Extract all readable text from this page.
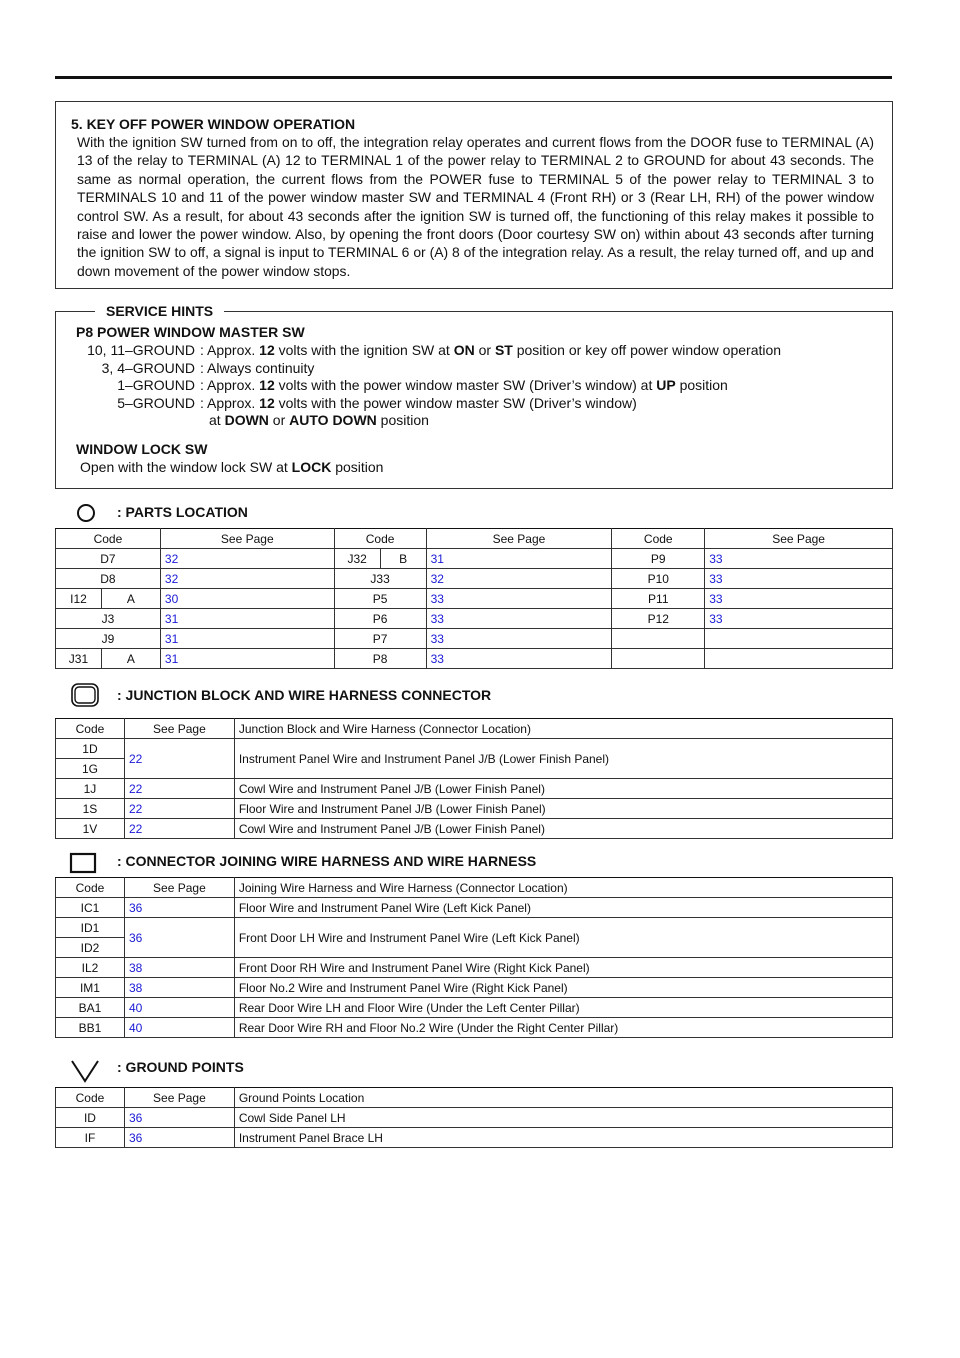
5. KEY OFF POWER WINDOW OPERATION
With the ignition SW turned from on to off, the integration relay operates and current flows from the DOOR fuse to TERMINAL (A) 13 of the relay to TERMINAL (A) 12 to TERMINAL 1 of the power relay to TERMINAL 2 to GROUND for about 43 seconds. The same as normal operation, the current flows from the POWER fuse to TERMINAL 5 of the power relay to TERMINAL 3 to TERMINALS 10 and 11 of the power window master SW and TERMINAL 4 (Front RH) or 3 (Rear LH, RH) of the power window control SW. As a result, for about 43 seconds after the ignition SW is turned off, the functioning of this relay makes it possible to raise and lower the power window. Also, by opening the front doors (Door courtesy SW on) within about 43 seconds after turning the ignition SW to off, a signal is input to TERMINAL 6 or (A) 8 of the integration relay. As a result, the relay turned off, and up and down movement of the power window stops.
P8 POWER WINDOW MASTER SW
10, 11–GROUND : Approx. 12 volts with the ignition SW at ON or ST position or key off power window operation
3, 4–GROUND : Always continuity
1–GROUND : Approx. 12 volts with the power window master SW (Driver’s window) at UP position
5–GROUND : Approx. 12 volts with the power window master SW (Driver’s window)
at DOWN or AUTO DOWN position
WINDOW LOCK SW
Open with the window lock SW at LOCK position
SERVICE HINTS
: PARTS LOCATION
Code		See Page	Code		See Page	Code	See Page
D7		32	J32	B	31	P9	33
D8		32	J33		32	P10	33
I12	A	30	P5		33	P11	33
J3		31	P6		33	P12	33
J9		31	P7		33		
J31	A	31	P8		33		
: JUNCTION BLOCK AND WIRE HARNESS CONNECTOR
Code	See Page	Junction Block and Wire Harness (Connector Location)
1D	22	Instrument Panel Wire and Instrument Panel J/B (Lower Finish Panel)
1G		
1J	22	Cowl Wire and Instrument Panel J/B (Lower Finish Panel)
1S	22	Floor Wire and Instrument Panel J/B (Lower Finish Panel)
1V	22	Cowl Wire and Instrument Panel J/B (Lower Finish Panel)
: CONNECTOR JOINING WIRE HARNESS AND WIRE HARNESS
Code	See Page	Joining Wire Harness and Wire Harness (Connector Location)
IC1	36	Floor Wire and Instrument Panel Wire (Left Kick Panel)
ID1	36	Front Door LH Wire and Instrument Panel Wire (Left Kick Panel)
ID2		
IL2	38	Front Door RH Wire and Instrument Panel Wire (Right Kick Panel)
IM1	38	Floor No.2 Wire and Instrument Panel Wire (Right Kick Panel)
BA1	40	Rear Door Wire LH and Floor Wire (Under the Left Center Pillar)
BB1	40	Rear Door Wire RH and Floor No.2 Wire (Under the Right Center Pillar)
: GROUND POINTS
Code	See Page	Ground Points Location
ID	36	Cowl Side Panel LH
IF	36	Instrument Panel Brace LH
